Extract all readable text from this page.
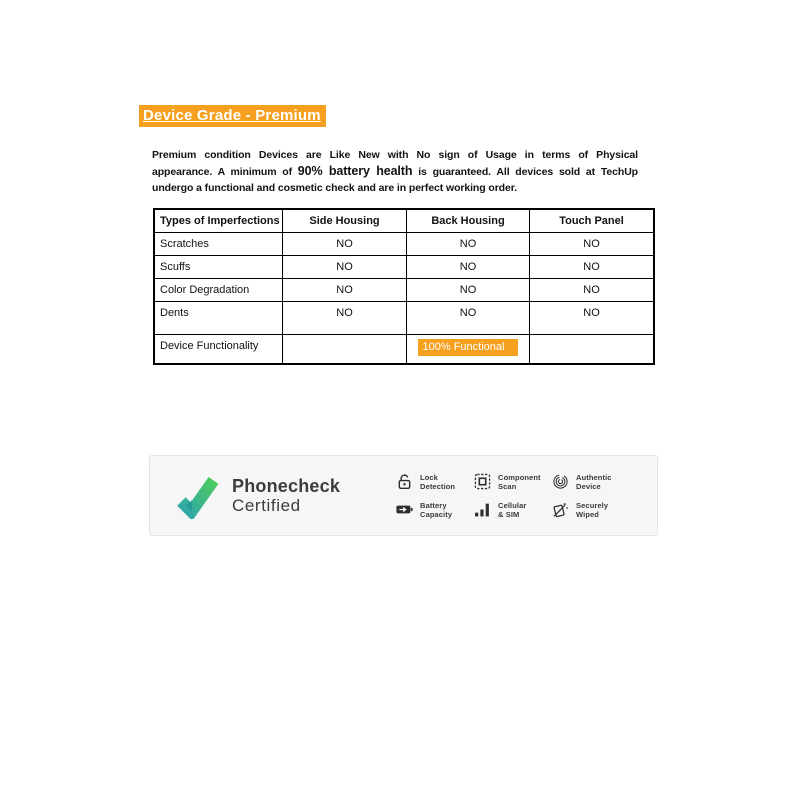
Device Grade - Premium
Premium condition Devices are Like New with No sign of Usage in terms of Physical
appearance. A minimum of 90% battery health is guaranteed. All devices sold at TechUp
undergo a functional and cosmetic check and are in perfect working order.
Types of Imperfections	Side Housing	Back Housing	Touch Panel
Scratches	NO	NO	NO
Scuffs	NO	NO	NO
Color Degradation	NO	NO	NO
Dents	NO	NO	NO
Device Functionality		100% Functional	
Phonecheck
Certified
Lock
Detection
Battery
Capacity
Component
Scan
Cellular
& SIM
Authentic
Device
Securely
Wiped
